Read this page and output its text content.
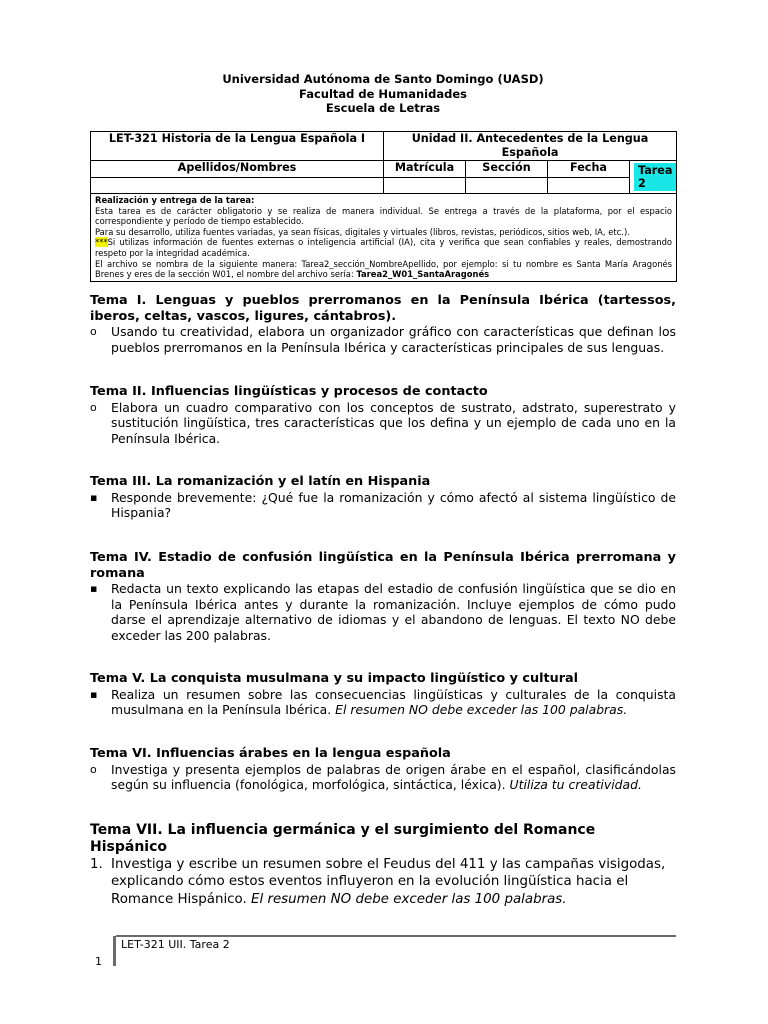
Universidad Autónoma de Santo Domingo (UASD)
Facultad de Humanidades
Escuela de Letras
LET-321 Historia de la Lengua Española I	Unidad II. Antecedentes de la Lengua Española			
Apellidos/Nombres	Matrícula	Sección	Fecha	Tarea 2

Realización y entrega de la tarea:
Esta tarea es de carácter obligatorio y se realiza de manera individual. Se entrega a través de la plataforma, por el espacio correspondiente y período de tiempo establecido.
Para su desarrollo, utiliza fuentes variadas, ya sean físicas, digitales y virtuales (libros, revistas, periódicos, sitios web, IA, etc.).
***Si utilizas información de fuentes externas o inteligencia artificial (IA), cita y verifica que sean confiables y reales, demostrando respeto por la integridad académica.
El archivo se nombra de la siguiente manera: Tarea2_sección_NombreApellido, por ejemplo: si tu nombre es Santa María Aragonés Brenes y eres de la sección W01, el nombre del archivo sería: Tarea2_W01_SantaAragonés				
Tema I. Lenguas y pueblos prerromanos en la Península Ibérica (tartessos, iberos, celtas, vascos, ligures, cántabros).
o	Usando tu creatividad, elabora un organizador gráfico con características que definan los pueblos prerromanos en la Península Ibérica y características principales de sus lenguas.
Tema II. Influencias lingüísticas y procesos de contacto
o	Elabora un cuadro comparativo con los conceptos de sustrato, adstrato, superestrato y sustitución lingüística, tres características que los defina y un ejemplo de cada uno en la Península Ibérica.
Tema III. La romanización y el latín en Hispania
▪	Responde brevemente: ¿Qué fue la romanización y cómo afectó al sistema lingüístico de Hispania?
Tema IV. Estadio de confusión lingüística en la Península Ibérica prerromana y romana
▪	Redacta un texto explicando las etapas del estadio de confusión lingüística que se dio en la Península Ibérica antes y durante la romanización. Incluye ejemplos de cómo pudo darse el aprendizaje alternativo de idiomas y el abandono de lenguas. El texto NO debe exceder las 200 palabras.
Tema V. La conquista musulmana y su impacto lingüístico y cultural
▪	Realiza un resumen sobre las consecuencias lingüísticas y culturales de la conquista musulmana en la Península Ibérica. El resumen NO debe exceder las 100 palabras.
Tema VI. Influencias árabes en la lengua española
o	Investiga y presenta ejemplos de palabras de origen árabe en el español, clasificándolas según su influencia (fonológica, morfológica, sintáctica, léxica). Utiliza tu creatividad.
Tema VII. La influencia germánica y el surgimiento del Romance Hispánico
1. Investiga y escribe un resumen sobre el Feudus del 411 y las campañas visigodas, explicando cómo estos eventos influyeron en la evolución lingüística hacia el Romance Hispánico. El resumen NO debe exceder las 100 palabras.
LET-321 UII. Tarea 2
1
